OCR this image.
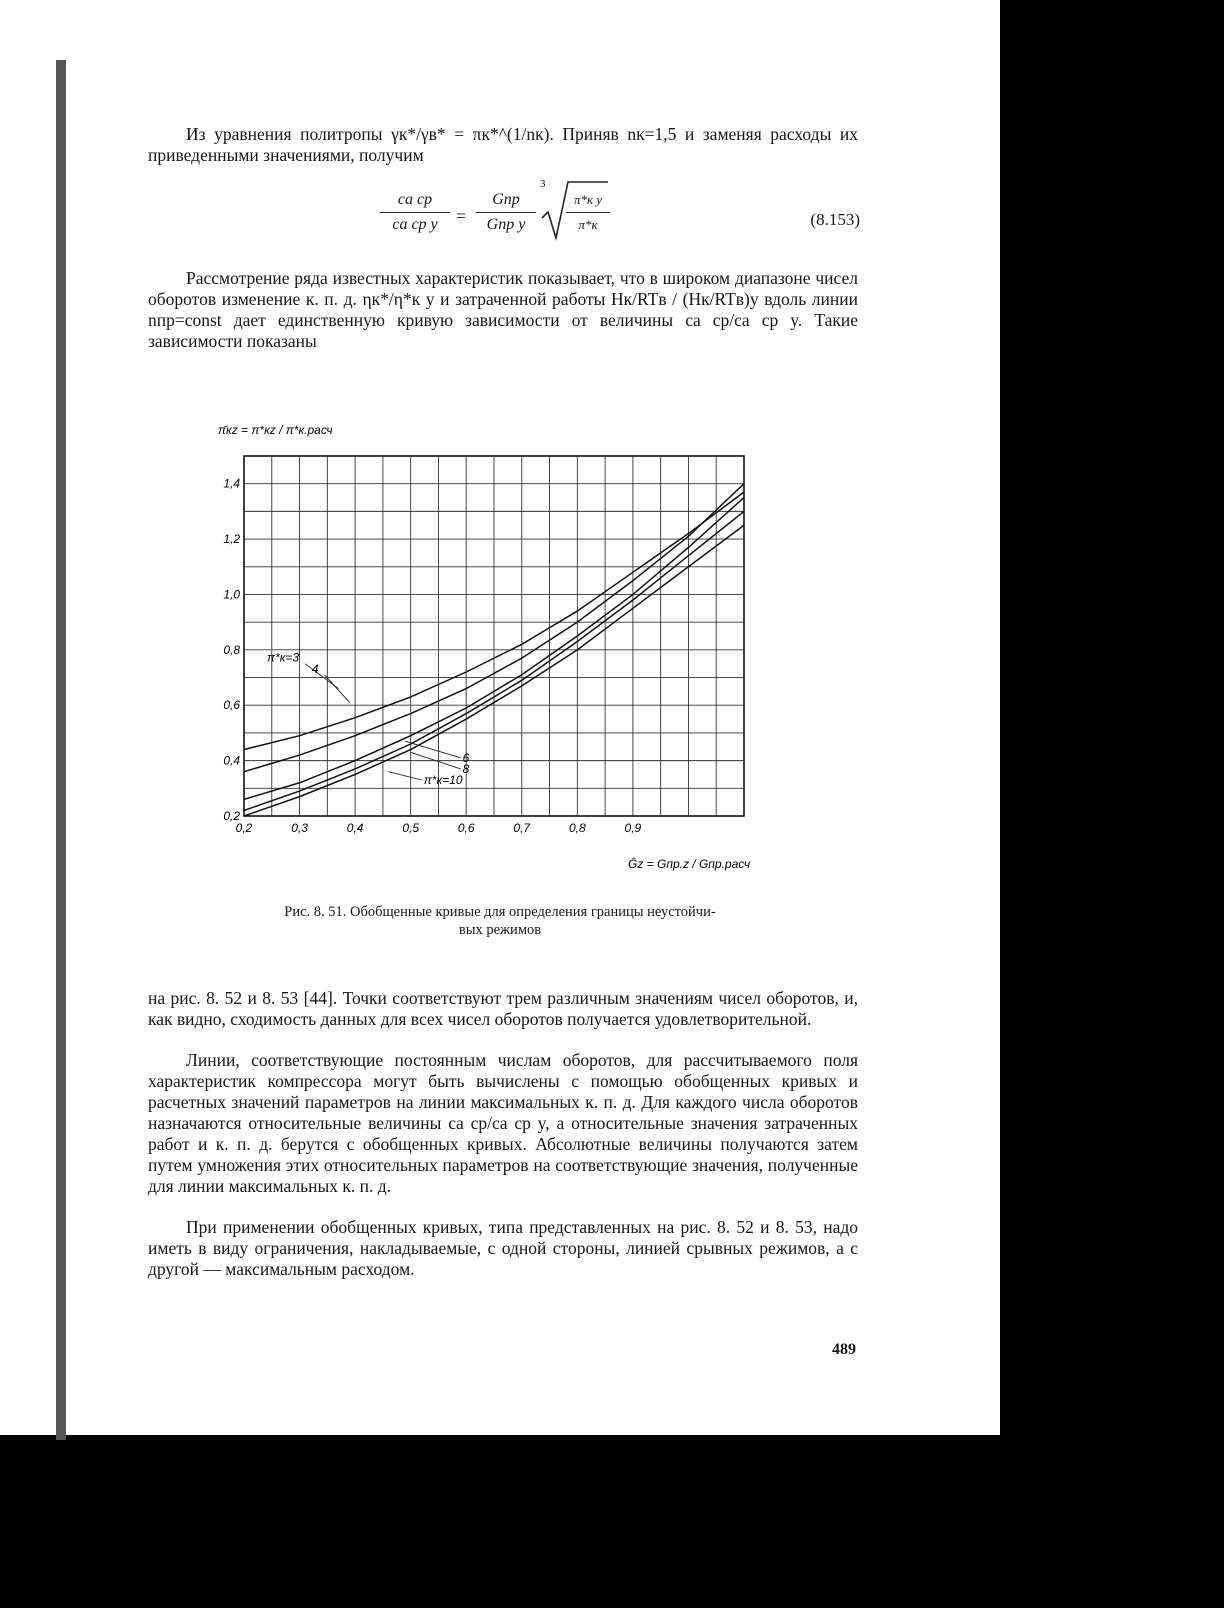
Из уравнения политропы γк*/γв* = πк*^(1/nк). Приняв nк=1,5 и заменяя расходы их приведенными значениями, получим

ca ср
ca ср y	=
Gпр
Gпр y
3
π*к y
π*к	(8.153)

Рассмотрение ряда известных характеристик показывает, что в широком диапазоне чисел оборотов изменение к. п. д. ηк*/η*к y и затраченной работы Hк/RTв / (Hк/RTв)y вдоль линии nпр=const дает единственную кривую зависимости от величины ca ср/ca ср y. Такие зависимости показаны

π*к=3
4
6
8
π*к=10
0,2	0,3	0,4	0,5	0,6	0,7	0,8	0,9
0,2
0,4
0,6
0,8
1,0
1,2
1,4
π̄кz = π*кz / π*к.расч
Ḡz = Gпр.z / Gпр.расч
Рис. 8. 51. Обобщенные кривые для определения границы неустойчи-
вых режимов

на рис. 8. 52 и 8. 53 [44]. Точки соответствуют трем различным значениям чисел оборотов, и, как видно, сходимость данных для всех чисел оборотов получается удовлетворительной.

Линии, соответствующие постоянным числам оборотов, для рассчитываемого поля характеристик компрессора могут быть вычислены с помощью обобщенных кривых и расчетных значений параметров на линии максимальных к. п. д. Для каждого числа оборотов назначаются относительные величины ca ср/ca ср y, а относительные значения затраченных работ и к. п. д. берутся с обобщенных кривых. Абсолютные величины получаются затем путем умножения этих относительных параметров на соответствующие значения, полученные для линии максимальных к. п. д.

При применении обобщенных кривых, типа представленных на рис. 8. 52 и 8. 53, надо иметь в виду ограничения, накладываемые, с одной стороны, линией срывных режимов, а с другой — максимальным расходом.

489
